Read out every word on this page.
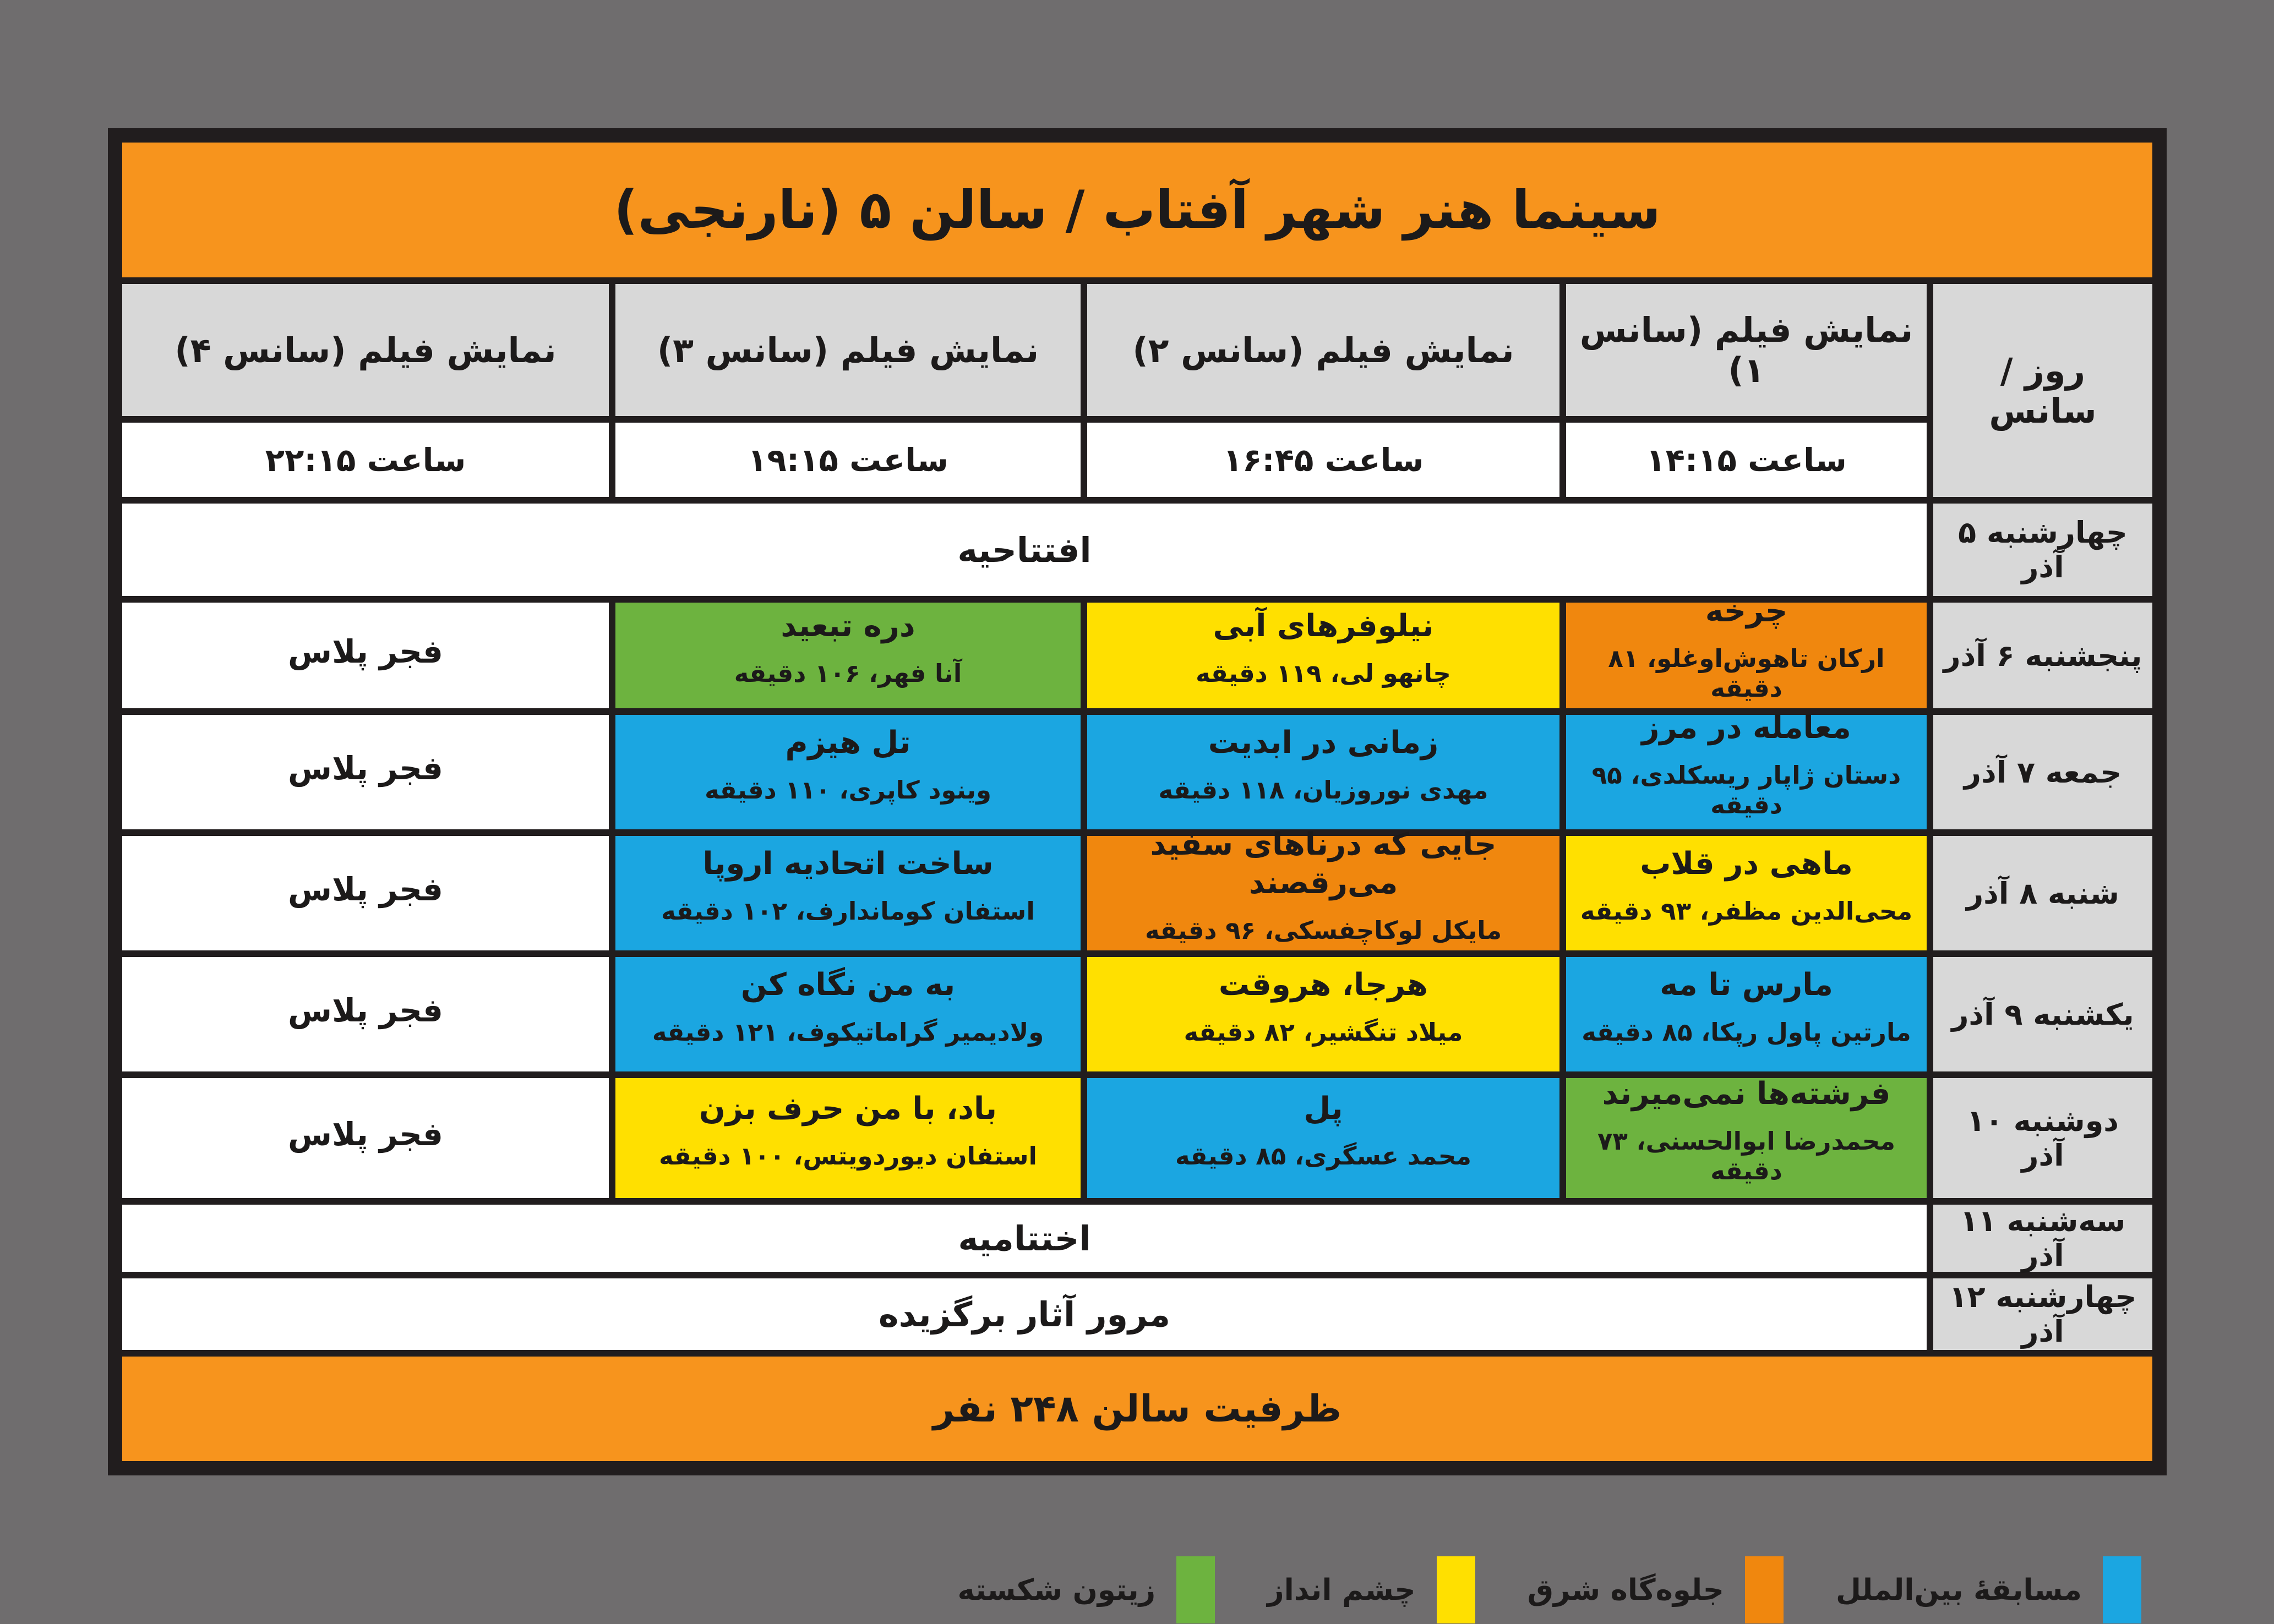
سینما هنر شهر آفتاب / سالن ۵ (نارنجی)
روز / سانس
نمایش فیلم (سانس ۱)
نمایش فیلم (سانس ۲)
نمایش فیلم (سانس ۳)
نمایش فیلم (سانس ۴)
ساعت ۱۴:۱۵
ساعت ۱۶:۴۵
ساعت ۱۹:۱۵
ساعت ۲۲:۱۵
چهارشنبه ۵ آذر
افتتاحیه
پنجشنبه ۶ آذر
چرخه
ارکان تاهوش‌اوغلو، ۸۱ دقیقه
نیلوفرهای آبی
چانهو لی، ۱۱۹ دقیقه
دره تبعید
آنا فهر، ۱۰۶ دقیقه
فجر پلاس
جمعه ۷ آذر
معامله در مرز
دستان ژاپار ریسکلدی، ۹۵ دقیقه
زمانی در ابدیت
مهدی نوروزیان، ۱۱۸ دقیقه
تل هیزم
وینود کاپری، ۱۱۰ دقیقه
فجر پلاس
شنبه ۸ آذر
ماهی در قلاب
محی‌الدین مظفر، ۹۳ دقیقه
جایی که درناهای سفید می‌رقصند
مایکل لوکاچفسکی، ۹۶ دقیقه
ساخت اتحادیه اروپا
استفان کوماندارف، ۱۰۲ دقیقه
فجر پلاس
یکشنبه ۹ آذر
مارس تا مه
مارتین پاول رپکا، ۸۵ دقیقه
هرجا، هروقت
میلاد تنگشیر، ۸۲ دقیقه
به من نگاه کن
ولادیمیر گراماتیکوف، ۱۲۱ دقیقه
فجر پلاس
دوشنبه ۱۰ آذر
فرشته‌ها نمی‌میرند
محمدرضا ابوالحسنی، ۷۳ دقیقه
پل
محمد عسگری، ۸۵ دقیقه
باد، با من حرف بزن
استفان دیوردویتس، ۱۰۰ دقیقه
فجر پلاس
سه‌شنبه ۱۱ آذر
اختتامیه
چهارشنبه ۱۲ آذر
مرور آثار برگزیده
ظرفیت سالن ۲۴۸ نفر
مسابقهٔ بین‌الملل
جلوه‌گاه شرق
چشم انداز
زیتون شکسته
